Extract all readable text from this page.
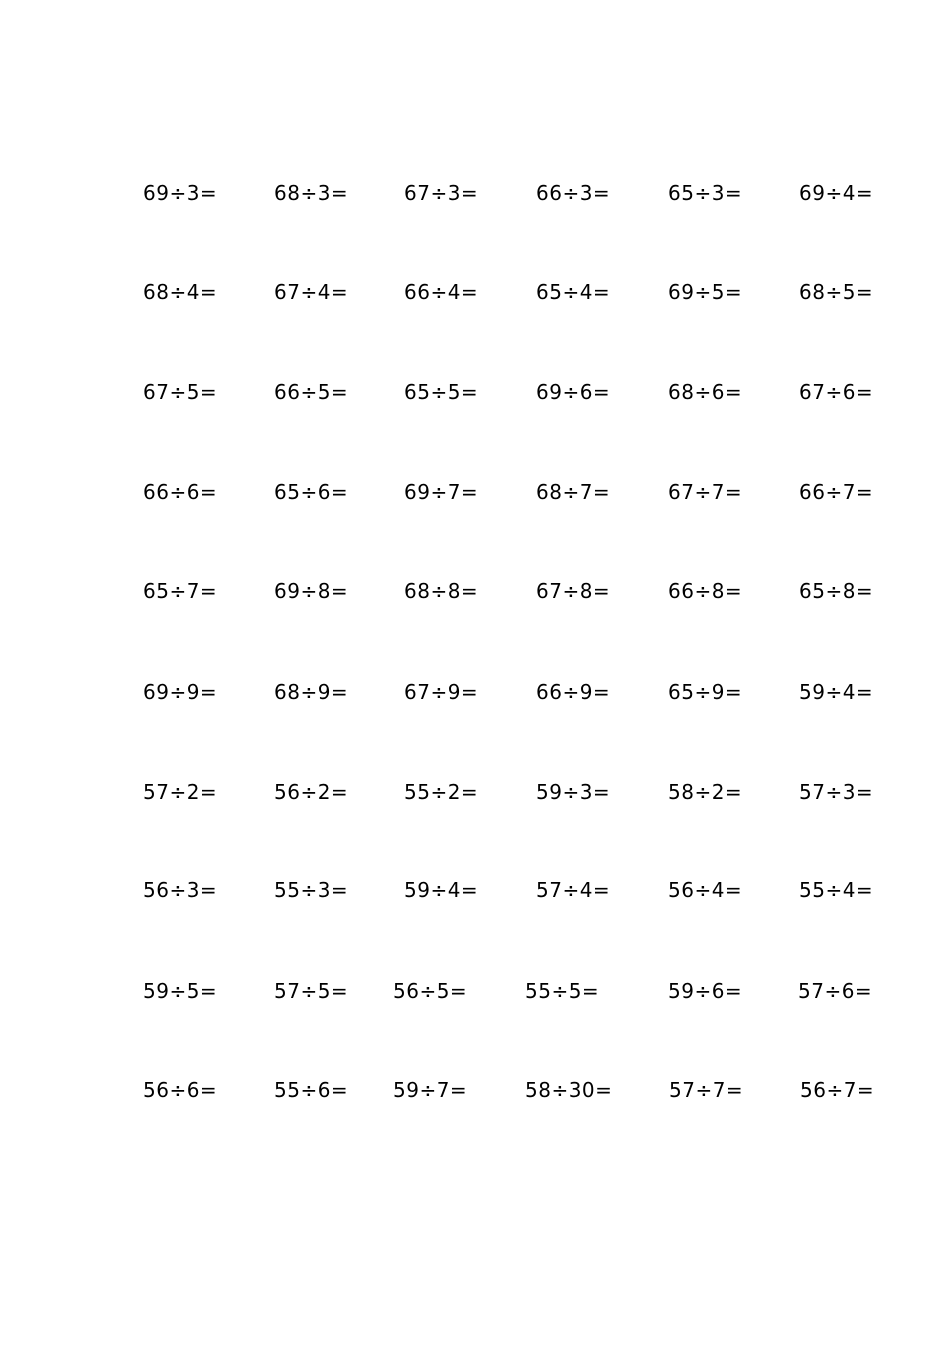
69÷3=	68÷3=	67÷3=	66÷3=	65÷3=	69÷4=
68÷4=	67÷4=	66÷4=	65÷4=	69÷5=	68÷5=
67÷5=	66÷5=	65÷5=	69÷6=	68÷6=	67÷6=
66÷6=	65÷6=	69÷7=	68÷7=	67÷7=	66÷7=
65÷7=	69÷8=	68÷8=	67÷8=	66÷8=	65÷8=
69÷9=	68÷9=	67÷9=	66÷9=	65÷9=	59÷4=
57÷2=	56÷2=	55÷2=	59÷3=	58÷2=	57÷3=
56÷3=	55÷3=	59÷4=	57÷4=	56÷4=	55÷4=
59÷5=	57÷5= 56÷5=	55÷5=	59÷6=	57÷6=
56÷6=	55÷6= 59÷7=	58÷30=	57÷7=	56÷7=
